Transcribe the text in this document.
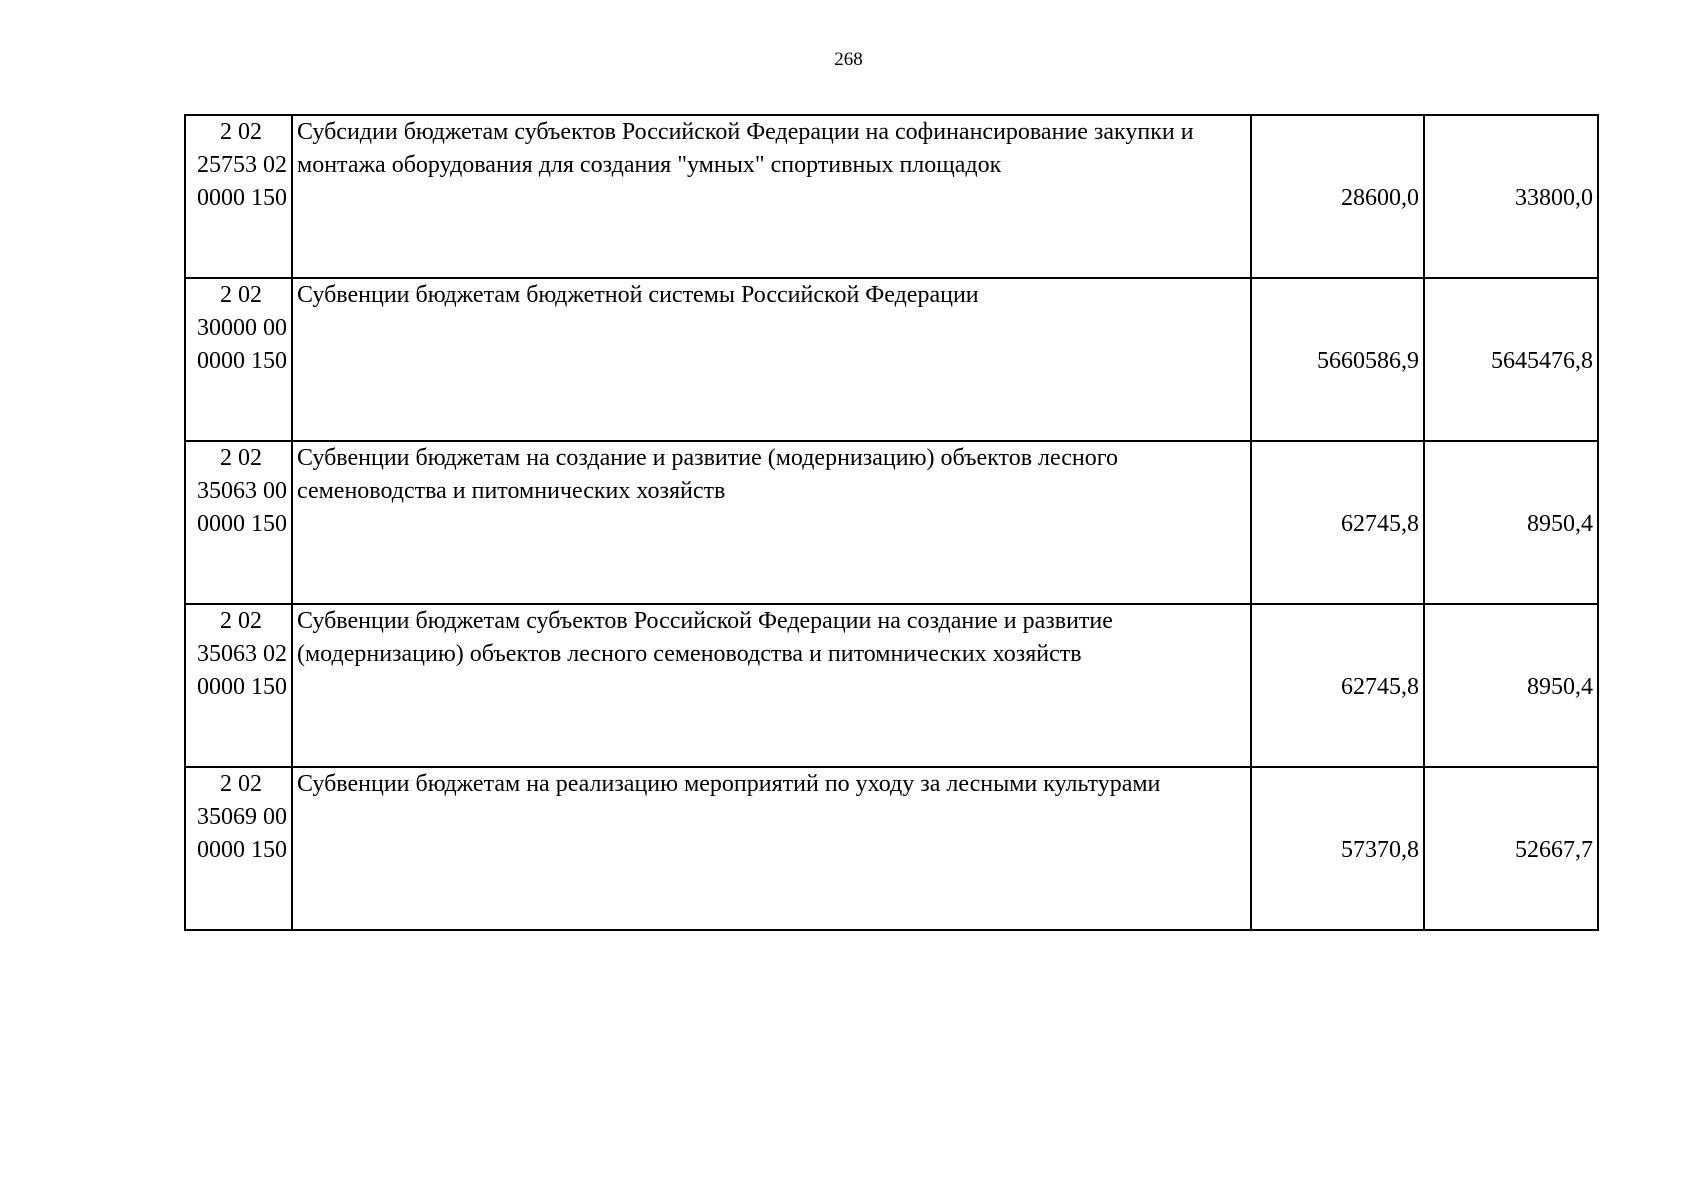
268
2 02
25753 02
0000 150	Субсидии бюджетам субъектов Российской Федерации на софинансирование закупки и монтажа оборудования для создания "умных" спортивных площадок	28600,0	33800,0

2 02
30000 00
0000 150	Субвенции бюджетам бюджетной системы Российской Федерации	5660586,9	5645476,8

2 02
35063 00
0000 150	Субвенции бюджетам на создание и развитие (модернизацию) объектов лесного семеноводства и питомнических хозяйств	62745,8	8950,4

2 02
35063 02
0000 150	Субвенции бюджетам субъектов Российской Федерации на создание и развитие (модернизацию) объектов лесного семеноводства и питомнических хозяйств	62745,8	8950,4

2 02
35069 00
0000 150	Субвенции бюджетам на реализацию мероприятий по уходу за лесными культурами	57370,8	52667,7
